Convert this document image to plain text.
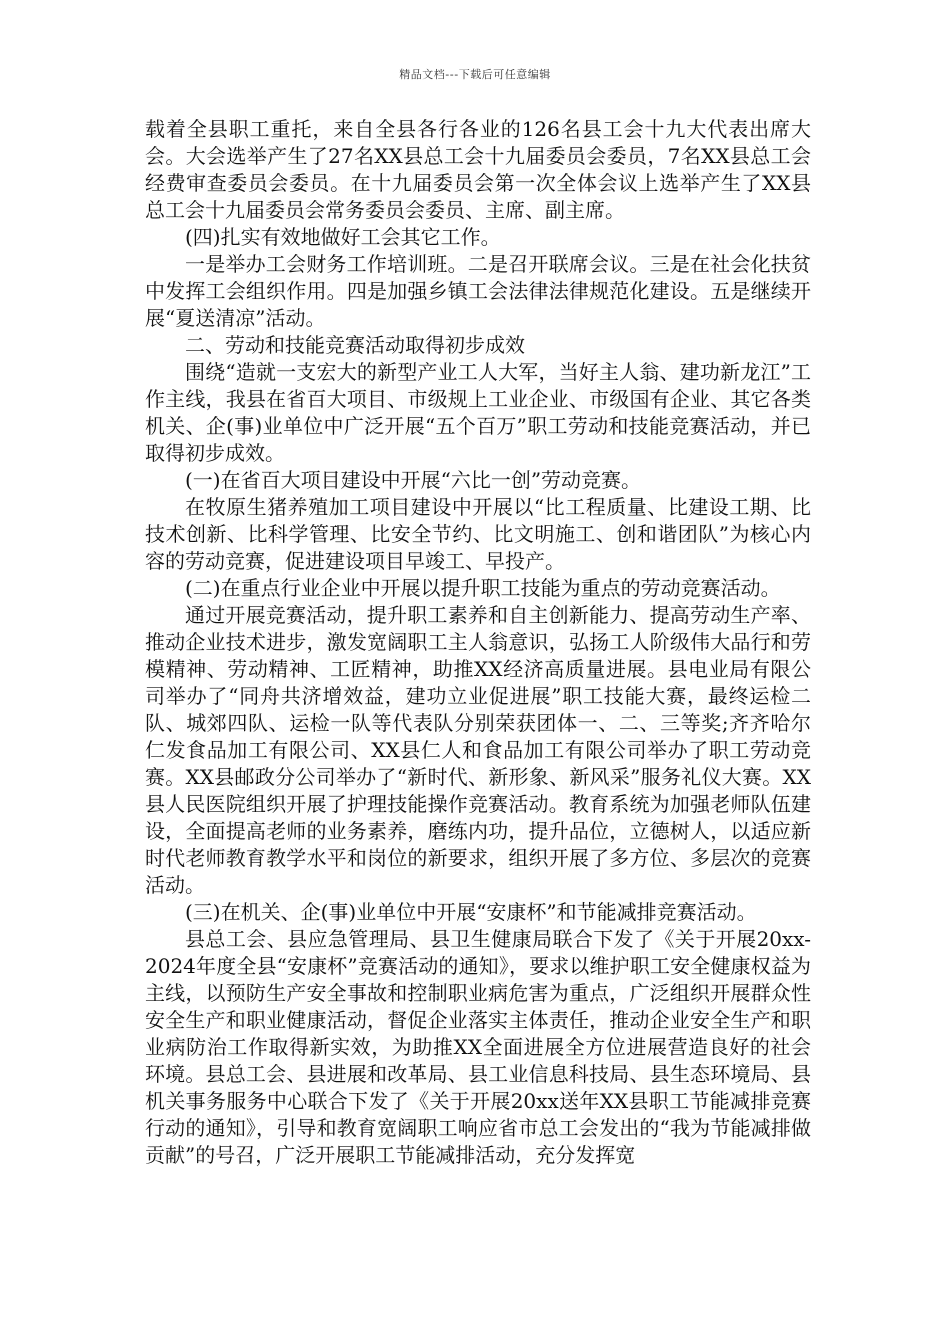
精品文档---下载后可任意编辑

载着全县职工重托，来自全县各行各业的126名县工会十九大代表出席大会。大会选举产生了27名XX县总工会十九届委员会委员，7名XX县总工会经费审查委员会委员。在十九届委员会第一次全体会议上选举产生了XX县总工会十九届委员会常务委员会委员、主席、副主席。

(四)扎实有效地做好工会其它工作。

一是举办工会财务工作培训班。二是召开联席会议。三是在社会化扶贫中发挥工会组织作用。四是加强乡镇工会法律法律规范化建设。五是继续开展“夏送清凉”活动。

二、劳动和技能竞赛活动取得初步成效

围绕“造就一支宏大的新型产业工人大军，当好主人翁、建功新龙江”工作主线，我县在省百大项目、市级规上工业企业、市级国有企业、其它各类机关、企(事)业单位中广泛开展“五个百万”职工劳动和技能竞赛活动，并已取得初步成效。

(一)在省百大项目建设中开展“六比一创”劳动竞赛。

在牧原生猪养殖加工项目建设中开展以“比工程质量、比建设工期、比技术创新、比科学管理、比安全节约、比文明施工、创和谐团队”为核心内容的劳动竞赛，促进建设项目早竣工、早投产。

(二)在重点行业企业中开展以提升职工技能为重点的劳动竞赛活动。

通过开展竞赛活动，提升职工素养和自主创新能力、提高劳动生产率、推动企业技术进步，激发宽阔职工主人翁意识，弘扬工人阶级伟大品行和劳模精神、劳动精神、工匠精神，助推XX经济高质量进展。县电业局有限公司举办了“同舟共济增效益，建功立业促进展”职工技能大赛，最终运检二队、城郊四队、运检一队等代表队分别荣获团体一、二、三等奖;齐齐哈尔仁发食品加工有限公司、XX县仁人和食品加工有限公司举办了职工劳动竞赛。XX县邮政分公司举办了“新时代、新形象、新风采”服务礼仪大赛。XX县人民医院组织开展了护理技能操作竞赛活动。教育系统为加强老师队伍建设，全面提高老师的业务素养，磨练内功，提升品位，立德树人，以适应新时代老师教育教学水平和岗位的新要求，组织开展了多方位、多层次的竞赛活动。

(三)在机关、企(事)业单位中开展“安康杯”和节能减排竞赛活动。

县总工会、县应急管理局、县卫生健康局联合下发了《关于开展20xx-2024年度全县“安康杯”竞赛活动的通知》，要求以维护职工安全健康权益为主线，以预防生产安全事故和控制职业病危害为重点，广泛组织开展群众性安全生产和职业健康活动，督促企业落实主体责任，推动企业安全生产和职业病防治工作取得新实效，为助推XX全面进展全方位进展营造良好的社会环境。县总工会、县进展和改革局、县工业信息科技局、县生态环境局、县机关事务服务中心联合下发了《关于开展20xx送年XX县职工节能减排竞赛行动的通知》，引导和教育宽阔职工响应省市总工会发出的“我为节能减排做贡献”的号召，广泛开展职工节能减排活动，充分发挥宽
